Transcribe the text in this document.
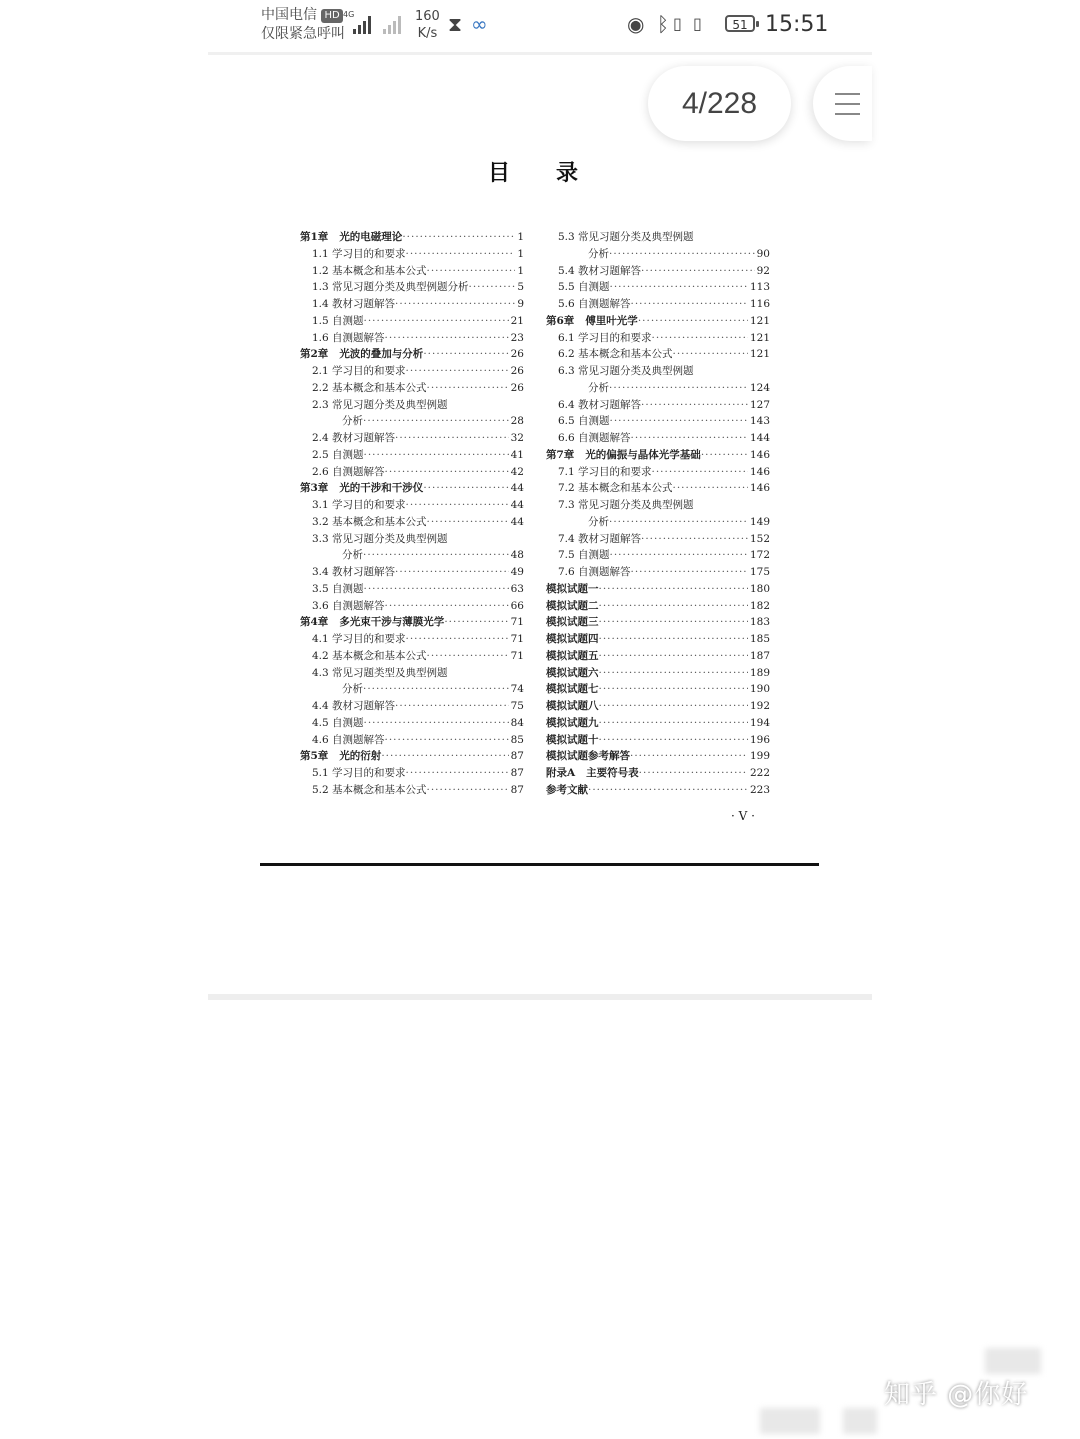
中国电信 HD
仅限紧急呼叫
4G	160
K/s ⧗ ∞	◉ ᛒ ▯ ▯	51 15:51
4/228
目录
第1章 光的电磁理论 ·····	1
1.1 学习目的和要求 ·····	1
1.2 基本概念和基本公式 ·····	1
1.3 常见习题分类及典型例题分析 ·····	5
1.4 教材习题解答 ·····	9
1.5 自测题 ·····	21
1.6 自测题解答 ·····	23
第2章 光波的叠加与分析 ·····	26
2.1 学习目的和要求 ·····	26
2.2 基本概念和基本公式 ·····	26
2.3 常见习题分类及典型例题
分析 ·····	28
2.4 教材习题解答 ·····	32
2.5 自测题 ·····	41
2.6 自测题解答 ·····	42
第3章 光的干涉和干涉仪 ·····	44
3.1 学习目的和要求 ·····	44
3.2 基本概念和基本公式 ·····	44
3.3 常见习题分类及典型例题
分析 ·····	48
3.4 教材习题解答 ·····	49
3.5 自测题 ·····	63
3.6 自测题解答 ·····	66
第4章 多光束干涉与薄膜光学 ·····	71
4.1 学习目的和要求 ·····	71
4.2 基本概念和基本公式 ·····	71
4.3 常见习题类型及典型例题
分析 ·····	74
4.4 教材习题解答 ·····	75
4.5 自测题 ·····	84
4.6 自测题解答 ·····	85
第5章 光的衍射 ·····	87
5.1 学习目的和要求 ·····	87
5.2 基本概念和基本公式 ·····	87
5.3 常见习题分类及典型例题
分析 ·····	90
5.4 教材习题解答 ·····	92
5.5 自测题 ·····	113
5.6 自测题解答 ·····	116
第6章 傅里叶光学 ·····	121
6.1 学习目的和要求 ·····	121
6.2 基本概念和基本公式 ·····	121
6.3 常见习题分类及典型例题
分析 ·····	124
6.4 教材习题解答 ·····	127
6.5 自测题 ·····	143
6.6 自测题解答 ·····	144
第7章 光的偏振与晶体光学基础 ·····	146
7.1 学习目的和要求 ·····	146
7.2 基本概念和基本公式 ·····	146
7.3 常见习题分类及典型例题
分析 ·····	149
7.4 教材习题解答 ·····	152
7.5 自测题 ·····	172
7.6 自测题解答 ·····	175
模拟试题一 ·····	180
模拟试题二 ·····	182
模拟试题三 ·····	183
模拟试题四 ·····	185
模拟试题五 ·····	187
模拟试题六 ·····	189
模拟试题七 ·····	190
模拟试题八 ·····	192
模拟试题九 ·····	194
模拟试题十 ·····	196
模拟试题参考解答 ·····	199
附录A 主要符号表 ·····	222
参考文献 ·····	223
· V ·
知乎 @你好
